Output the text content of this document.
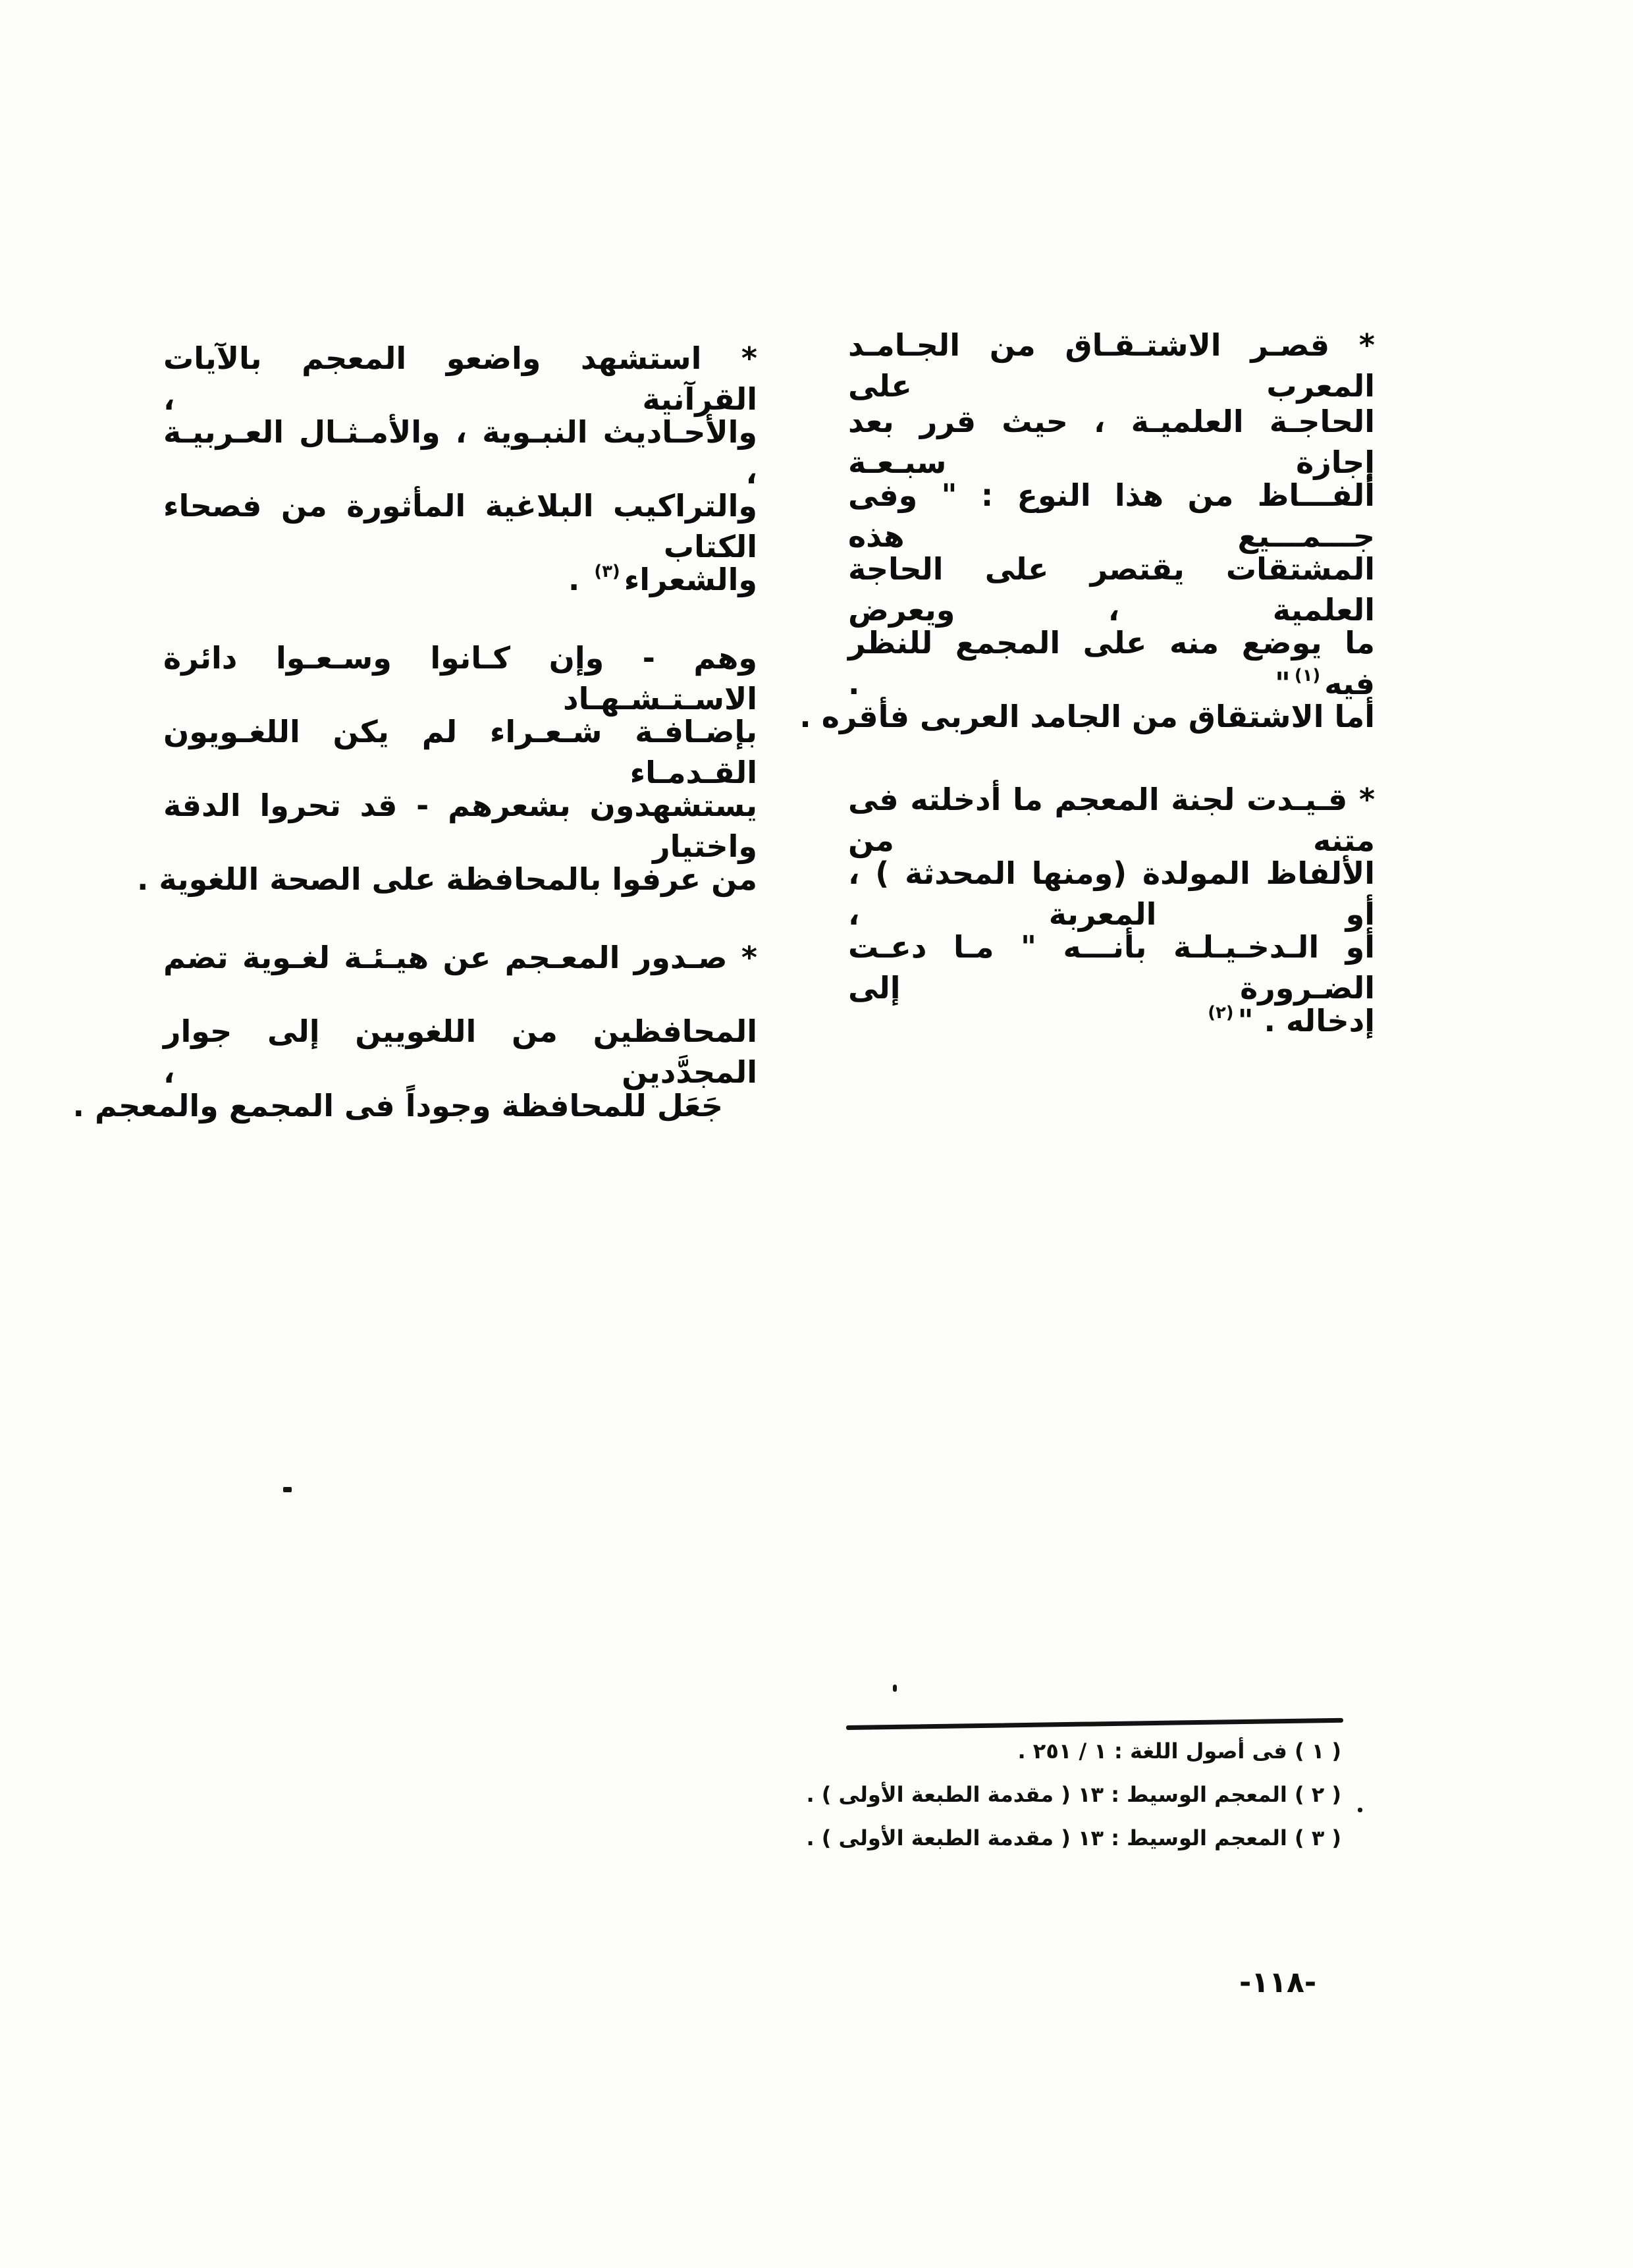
* قصـر الاشتـقـاق من الجـامـد المعرب على
الحاجـة العلميـة ، حيث قرر بعد إجازة سبـعـة
ألفـــاظ من هذا النوع : " وفى جـــمـــيع هذه
المشتقات يقتصر على الحاجة العلمية ، ويعرض
ما يوضع منه على المجمع للنظر فيه(١)" .
أما الاشتقاق من الجامد العربى فأقره .
* قـيـدت لجنة المعجم ما أدخلته فى متنه من
الألفاظ المولدة (ومنها المحدثة ) ، أو المعربة ،
أو الـدخـيـلـة بأنـــه " مـا دعـت الضـرورة إلى
إدخاله . "(٢)
* استشهد واضعو المعجم بالآيات القرآنية ،
والأحـاديث النبـوية ، والأمـثـال العـربيـة ،
والتراكيب البلاغية المأثورة من فصحاء الكتاب
والشعراء(٣) .
وهم - وإن كـانوا وسـعـوا دائرة الاسـتـشـهـاد
بإضـافـة شـعـراء لم يكن اللغـويون القـدمـاء
يستشهدون بشعرهم - قد تحروا الدقة واختيار
من عرفوا بالمحافظة على الصحة اللغوية .
* صـدور المعـجم عن هيـئـة لغـوية تضم
المحافظين من اللغويين إلى جوار المجدَّدين ،
جَعَل للمحافظة وجوداً فى المجمع والمعجم .
( ١ ) فى أصول اللغة : ١ / ٢٥١ .
( ٢ ) المعجم الوسيط : ١٣ ( مقدمة الطبعة الأولى ) .
( ٣ ) المعجم الوسيط : ١٣ ( مقدمة الطبعة الأولى ) .
-١١٨-
